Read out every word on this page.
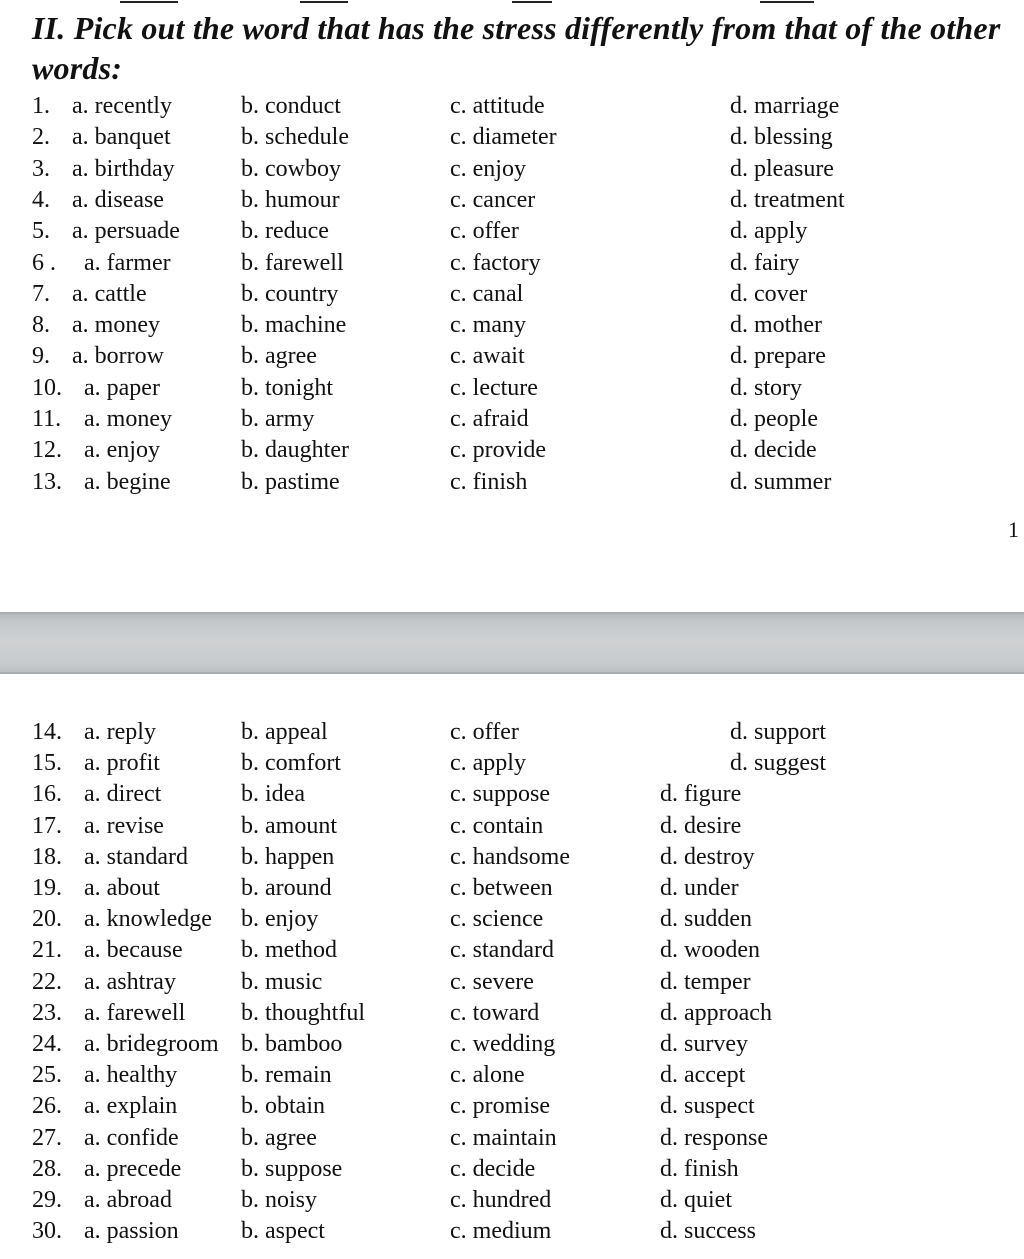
II. Pick out the word that has the stress differently from that of the other words:
1
1. a. recently	b. conduct	c. attitude	d. marriage
2. a. banquet	b. schedule	c. diameter	d. blessing
3. a. birthday	b. cowboy	c. enjoy	d. pleasure
4. a. disease	b. humour	c. cancer	d. treatment
5. a. persuade	b. reduce	c. offer	d. apply
6 . a. farmer	b. farewell	c. factory	d. fairy
7. a. cattle	b. country	c. canal	d. cover
8. a. money	b. machine	c. many	d. mother
9. a. borrow	b. agree	c. await	d. prepare
10. a. paper	b. tonight	c. lecture	d. story
11. a. money	b. army	c. afraid	d. people
12. a. enjoy	b. daughter	c. provide	d. decide
13. a. begine	b. pastime	c. finish	d. summer
14. a. reply	b. appeal	c. offer	d. support
15. a. profit	b. comfort	c. apply	d. suggest
16. a. direct	b. idea	c. suppose	d. figure
17. a. revise	b. amount	c. contain	d. desire
18. a. standard b. happen	c. handsome	d. destroy
19. a. about	b. around	c. between	d. under
20. a. knowledge b. enjoy	c. science	d. sudden
21. a. because b. method	c. standard	d. wooden
22. a. ashtray	b. music	c. severe	d. temper
23. a. farewell b. thoughtful	c. toward	d. approach
24. a. bridegroom b. bamboo	c. wedding	d. survey
25. a. healthy	b. remain	c. alone	d. accept
26. a. explain	b. obtain	c. promise	d. suspect
27. a. confide	b. agree	c. maintain	d. response
28. a. precede b. suppose	c. decide	d. finish
29. a. abroad	b. noisy	c. hundred	d. quiet
30. a. passion	b. aspect	c. medium	d. success
